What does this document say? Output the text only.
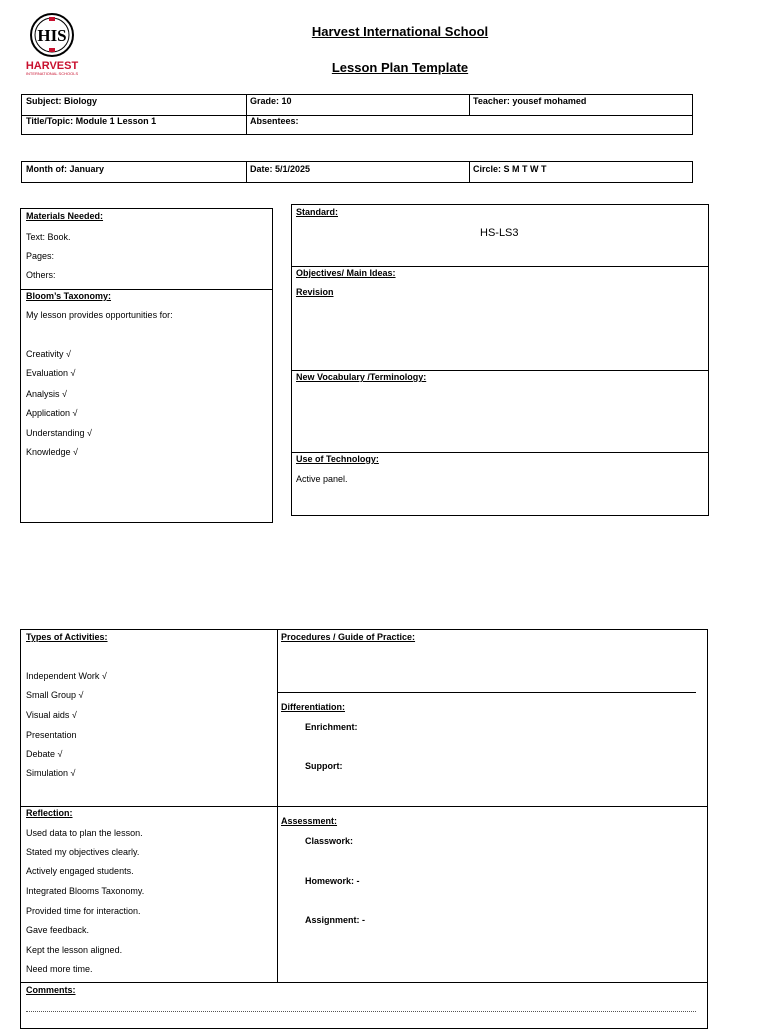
HIS
HARVEST
INTERNATIONAL SCHOOLS
Harvest International School
Lesson Plan Template
Subject: Biology	Grade: 10	Teacher: yousef mohamed
Title/Topic: Module 1 Lesson 1	Absentees:
Month of: January	Date: 5/1/2025	Circle: S M T W T
Materials Needed:
Text: Book.
Pages:
Others:
Bloom’s Taxonomy:
My lesson provides opportunities for:
Creativity √
Evaluation √
Analysis √
Application √
Understanding √
Knowledge √
Standard:
HS-LS3
Objectives/ Main Ideas:
Revision
New Vocabulary /Terminology:
Use of Technology:
Active panel.
Types of Activities:
Independent Work √
Small Group √
Visual aids √
Presentation
Debate √
Simulation √
Procedures / Guide of Practice:
Differentiation:
Enrichment:
Support:
Reflection:
Used data to plan the lesson.
Stated my objectives clearly.
Actively engaged students.
Integrated Blooms Taxonomy.
Provided time for interaction.
Gave feedback.
Kept the lesson aligned.
Need more time.
Assessment:
Classwork:
Homework: -
Assignment: -
Comments:
